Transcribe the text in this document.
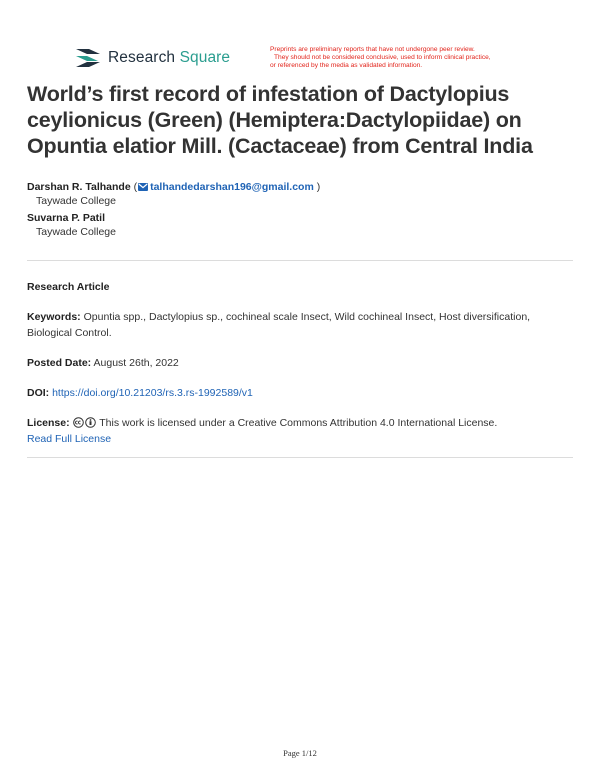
Research Square	Preprints are preliminary reports that have not undergone peer review.
They should not be considered conclusive, used to inform clinical practice,
or referenced by the media as validated information.
World’s first record of infestation of Dactylopius ceylionicus (Green) (Hemiptera:Dactylopiidae) on Opuntia elatior Mill. (Cactaceae) from Central India
Darshan R. Talhande ( talhandedarshan196@gmail.com )
Taywade College
Suvarna P. Patil
Taywade College
Research Article
Keywords: Opuntia spp., Dactylopius sp., cochineal scale Insect, Wild cochineal Insect, Host diversification, Biological Control.
Posted Date: August 26th, 2022
DOI: https://doi.org/10.21203/rs.3.rs-1992589/v1
License:	This work is licensed under a Creative Commons Attribution 4.0 International License.
Read Full License
Page 1/12
